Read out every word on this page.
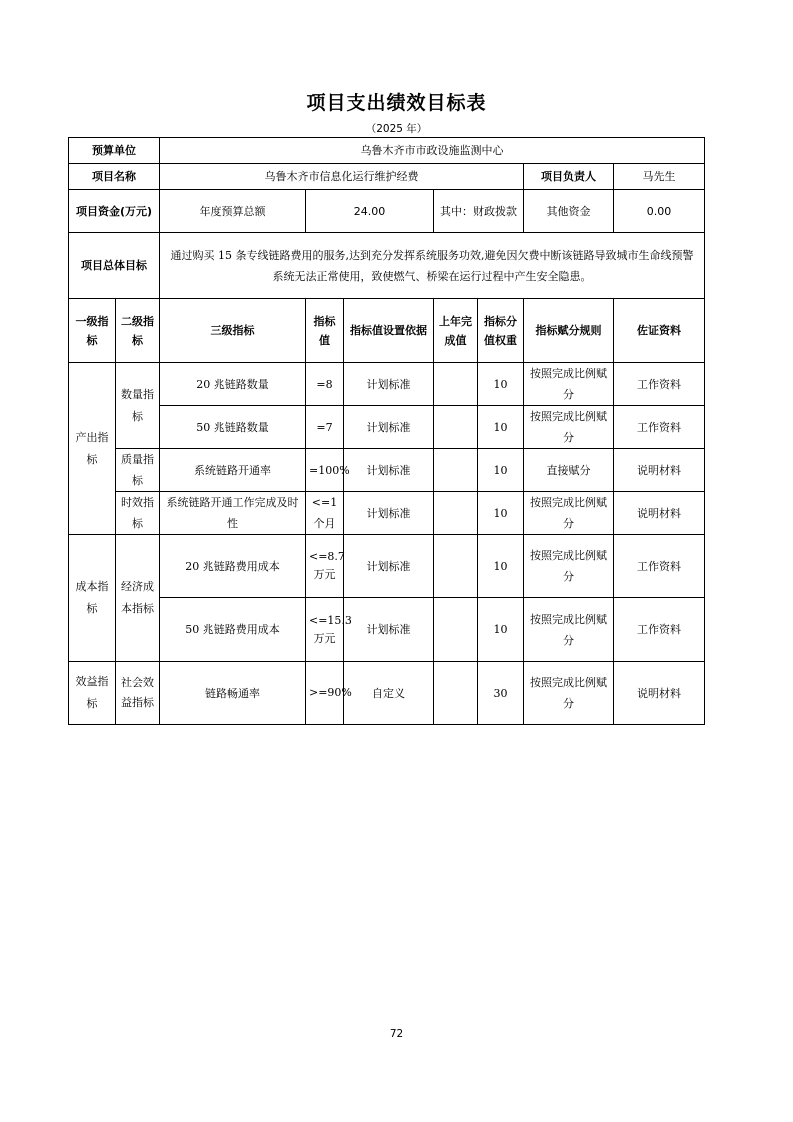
项目支出绩效目标表
（2025 年）
预算单位		乌鲁木齐市市政设施监测中心						
项目名称		乌鲁木齐市信息化运行维护经费					项目负责人	马先生
项目资金(万元)		年度预算总额	24.00		其中：财政拨款		其他资金	0.00
项目总体目标		通过购买 15 条专线链路费用的服务,达到充分发挥系统服务功效,避免因欠费中断该链路导致城市生命线预警系统无法正常使用，致使燃气、桥梁在运行过程中产生安全隐患。						
一级指标	二级指标	三级指标	指标值	指标值设置依据	上年完成值	指标分值权重	指标赋分规则	佐证资料
产出指标	数量指标	20 兆链路数量	=8	计划标准		10	按照完成比例赋分	工作资料
		50 兆链路数量	=7	计划标准		10	按照完成比例赋分	工作资料
	质量指标	系统链路开通率	=100%	计划标准		10	直接赋分	说明材料
	时效指标	系统链路开通工作完成及时性	<=1个月	计划标准		10	按照完成比例赋分	说明材料
成本指标	经济成本指标	20 兆链路费用成本	<=8.7万元	计划标准		10	按照完成比例赋分	工作资料
		50 兆链路费用成本	<=15.3万元	计划标准		10	按照完成比例赋分	工作资料
效益指标	社会效益指标	链路畅通率	>=90%	自定义		30	按照完成比例赋分	说明材料
72
